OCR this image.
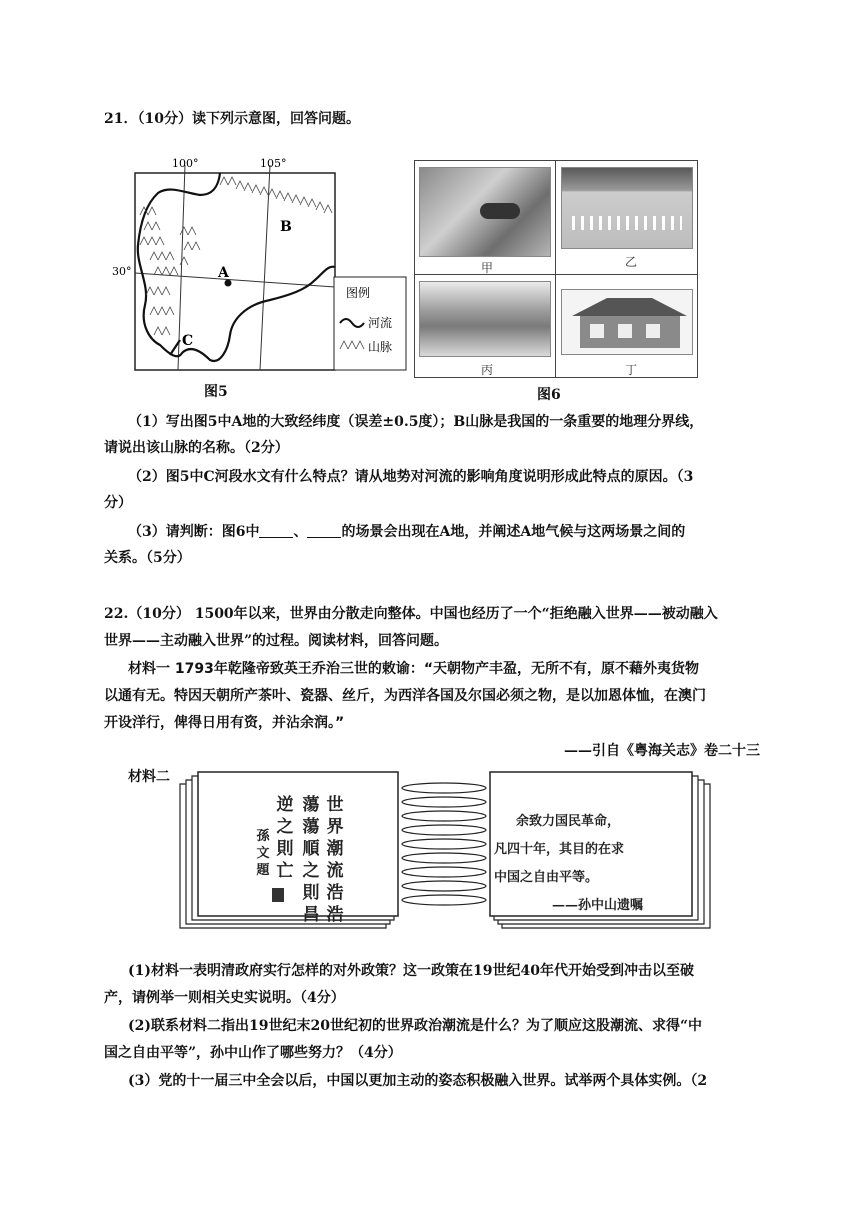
21．（10分）读下列示意图，回答问题。
100°	105°
30°	A
B
C
图例
河流
山脉
图5
甲	乙
丙	丁
图6
（1）写出图5中A地的大致经纬度（误差±0.5度）；B山脉是我国的一条重要的地理分界线，
请说出该山脉的名称。（2分）
（2）图5中C河段水文有什么特点？请从地势对河流的影响角度说明形成此特点的原因。（3
分）
（3）请判断：图6中 、 的场景会出现在A地，并阐述A地气候与这两场景之间的
关系。（5分）
22.（10分） 1500年以来，世界由分散走向整体。中国也经历了一个“拒绝融入世界——被动融入
世界——主动融入世界”的过程。阅读材料，回答问题。
材料一 1793年乾隆帝致英王乔治三世的敕谕：“天朝物产丰盈，无所不有，原不藉外夷货物
以通有无。特因天朝所产茶叶、瓷器、丝斤，为西洋各国及尔国必须之物，是以加恩体恤，在澳门
开设洋行，俾得日用有资，并沾余润。”
——引自《粤海关志》卷二十三
材料二
世界潮流浩浩
蕩蕩順之則昌
逆之則亡
孫文題
余致力国民革命，
凡四十年，其目的在求
中国之自由平等。
——孙中山遗嘱
(1)材料一表明清政府实行怎样的对外政策？这一政策在19世纪40年代开始受到冲击以至破
产，请例举一则相关史实说明。（4分）
(2)联系材料二指出19世纪末20世纪初的世界政治潮流是什么？为了顺应这股潮流、求得“中
国之自由平等”，孙中山作了哪些努力？（4分）
(3）党的十一届三中全会以后，中国以更加主动的姿态积极融入世界。试举两个具体实例。（2
